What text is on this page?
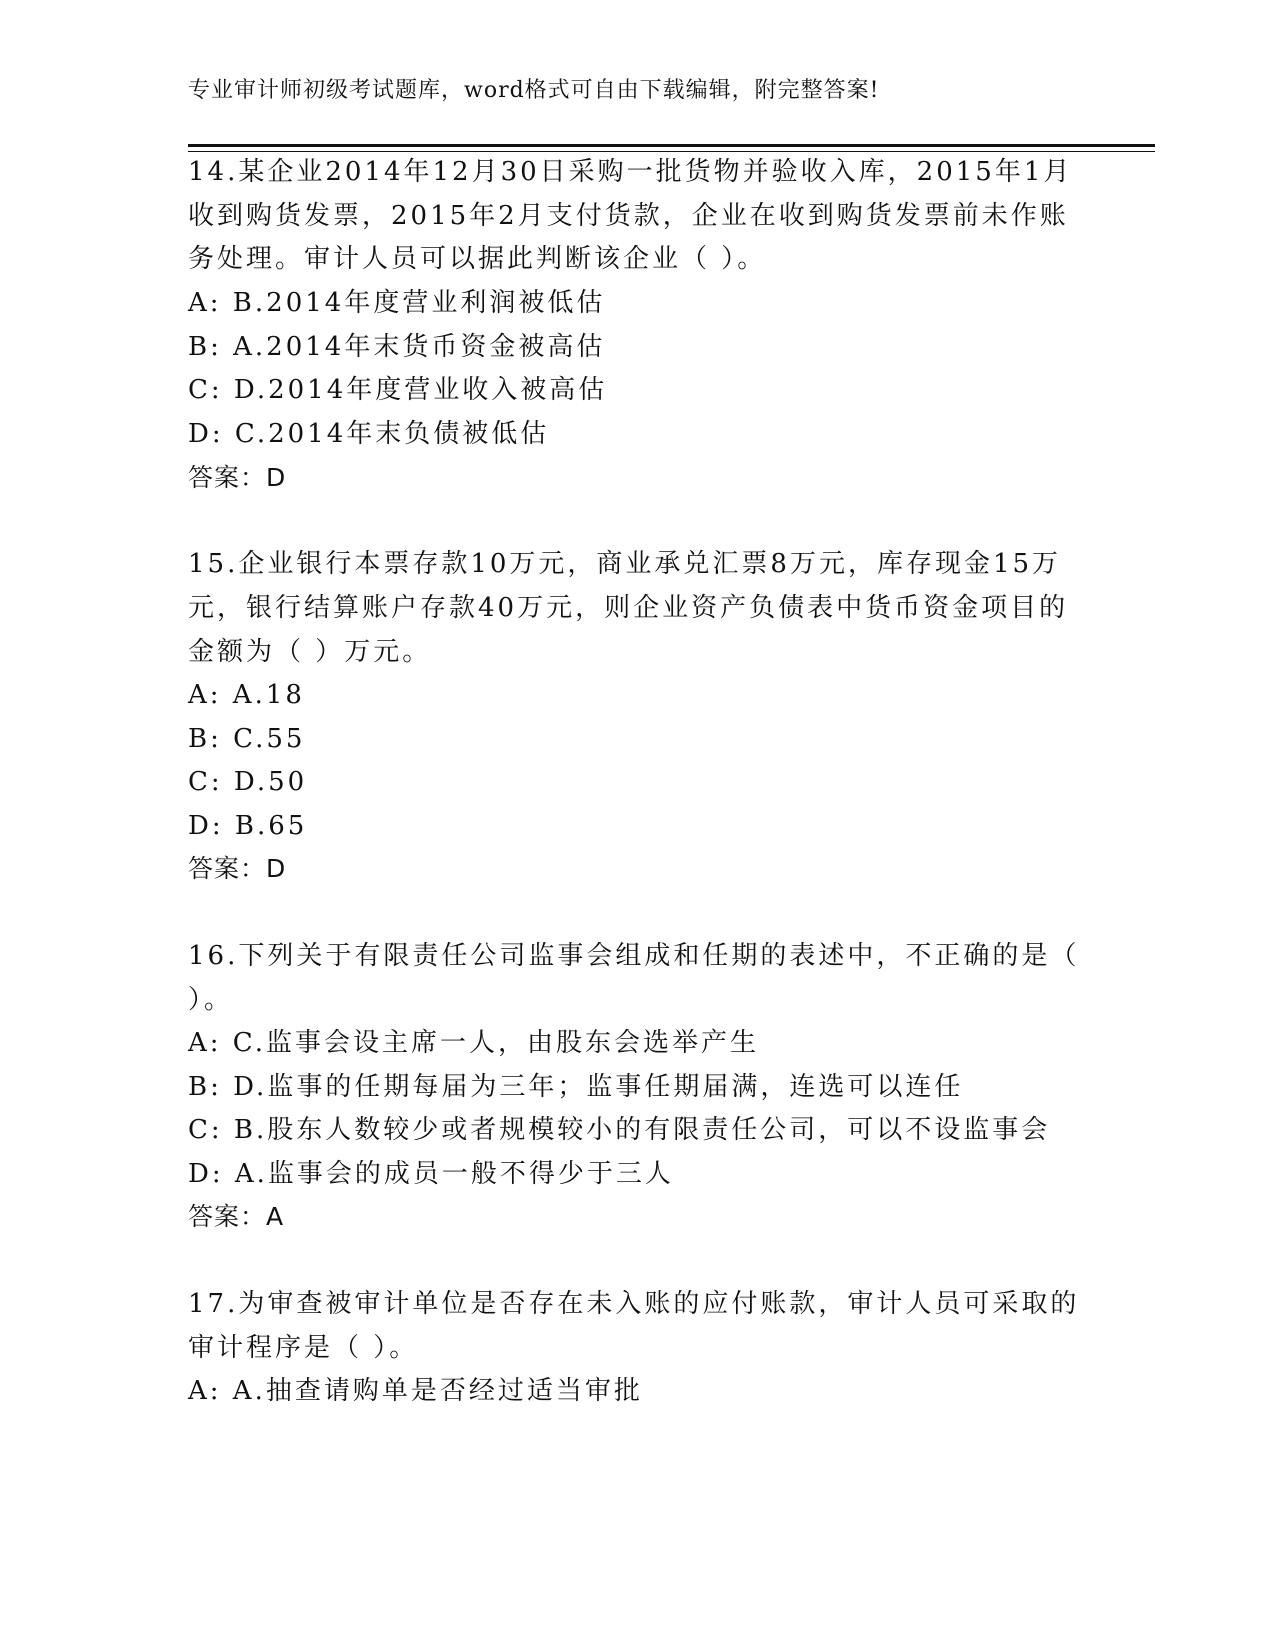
专业审计师初级考试题库，word格式可自由下载编辑，附完整答案!
14.某企业2014年12月30日采购一批货物并验收入库，2015年1月
收到购货发票，2015年2月支付货款，企业在收到购货发票前未作账
务处理。审计人员可以据此判断该企业（ ）。
A: B.2014年度营业利润被低估
B: A.2014年末货币资金被高估
C: D.2014年度营业收入被高估
D: C.2014年末负债被低估
答案：D
15.企业银行本票存款10万元，商业承兑汇票8万元，库存现金15万
元，银行结算账户存款40万元，则企业资产负债表中货币资金项目的
金额为（ ）万元。
A: A.18
B: C.55
C: D.50
D: B.65
答案：D
16.下列关于有限责任公司监事会组成和任期的表述中，不正确的是（
）。
A: C.监事会设主席一人，由股东会选举产生
B: D.监事的任期每届为三年；监事任期届满，连选可以连任
C: B.股东人数较少或者规模较小的有限责任公司，可以不设监事会
D: A.监事会的成员一般不得少于三人
答案：A
17.为审查被审计单位是否存在未入账的应付账款，审计人员可采取的
审计程序是（ ）。
A: A.抽查请购单是否经过适当审批
